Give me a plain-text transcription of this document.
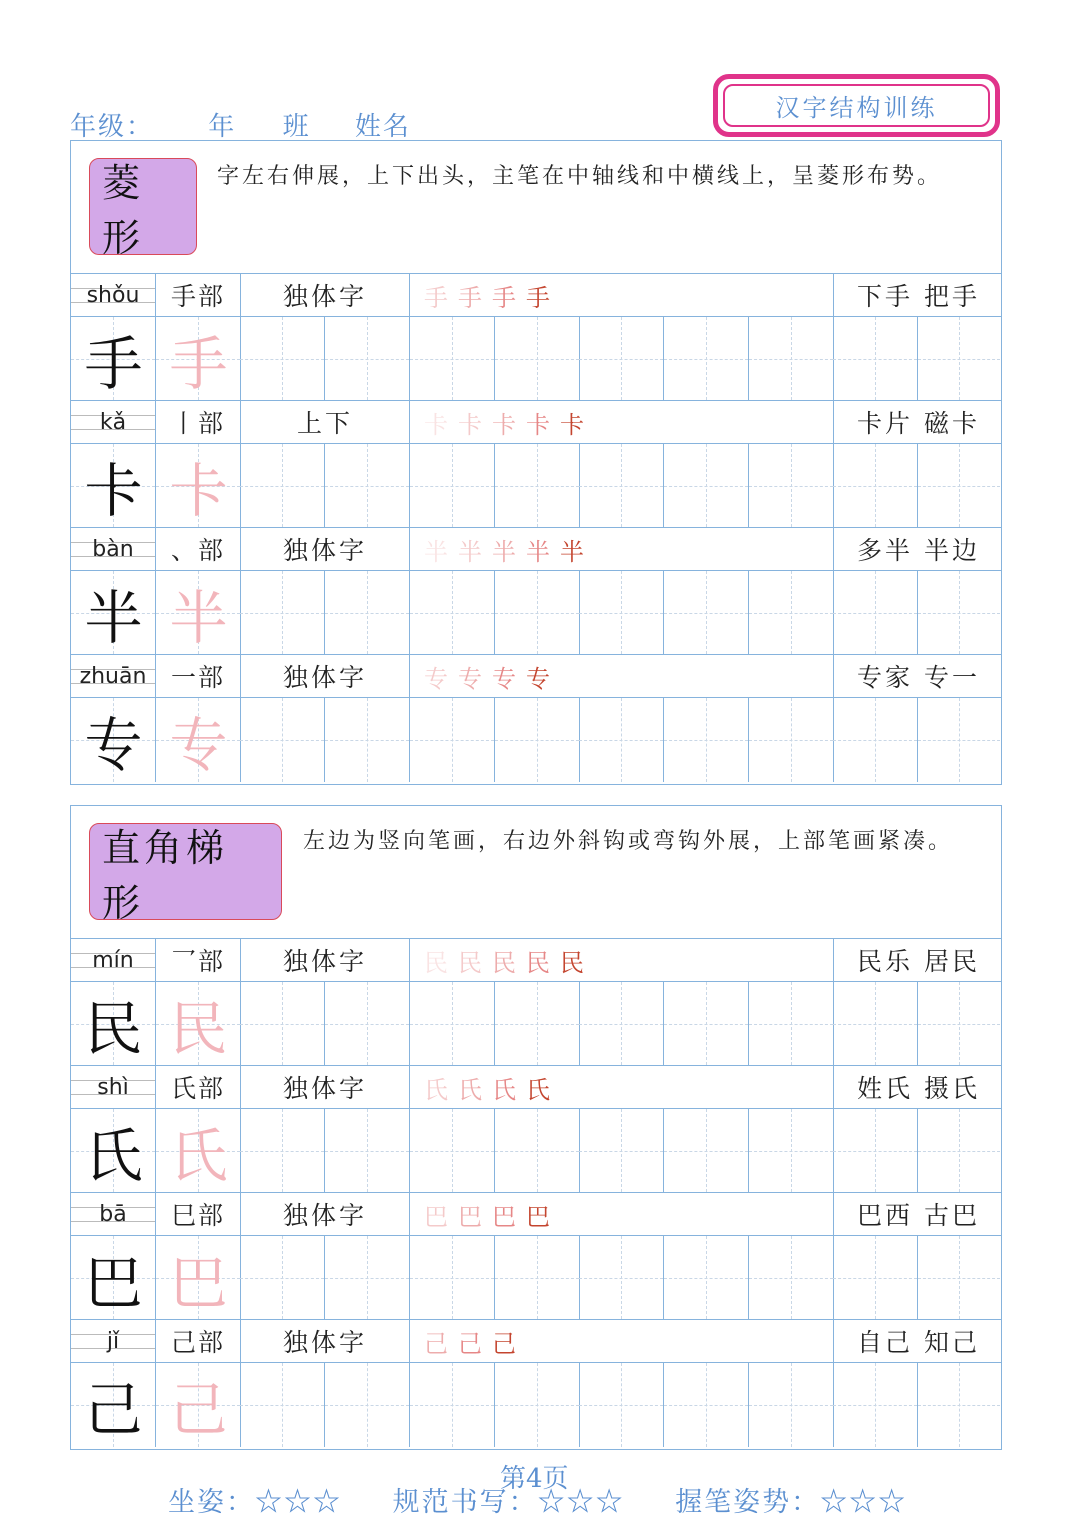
年级： 年 班 姓名
汉字结构训练
菱形
字左右伸展，上下出头，主笔在中轴线和中横线上，呈菱形布势。
shǒu	手部	独体字	手 手 手 手	下手 把手
手 手
kǎ	丨部	上下	卡 卡 卡 卡 卡	卡片 磁卡
卡 卡
bàn	、部	独体字	半 半 半 半 半	多半 半边
半 半
zhuān 一部	独体字	专 专 专 专	专家 专一
专 专
直角梯形
左边为竖向笔画，右边外斜钩或弯钩外展，上部笔画紧凑。
mín	乛部	独体字	民 民 民 民 民	民乐 居民
民 民
shì	氏部	独体字	氏 氏 氏 氏	姓氏 摄氏
氏 氏
bā	巳部	独体字	巴 巴 巴 巴	巴西 古巴
巴 巴
jǐ	己部	独体字	己 己 己	自己 知己
己 己
第4页
坐姿：☆☆☆ 规范书写：☆☆☆ 握笔姿势：☆☆☆
